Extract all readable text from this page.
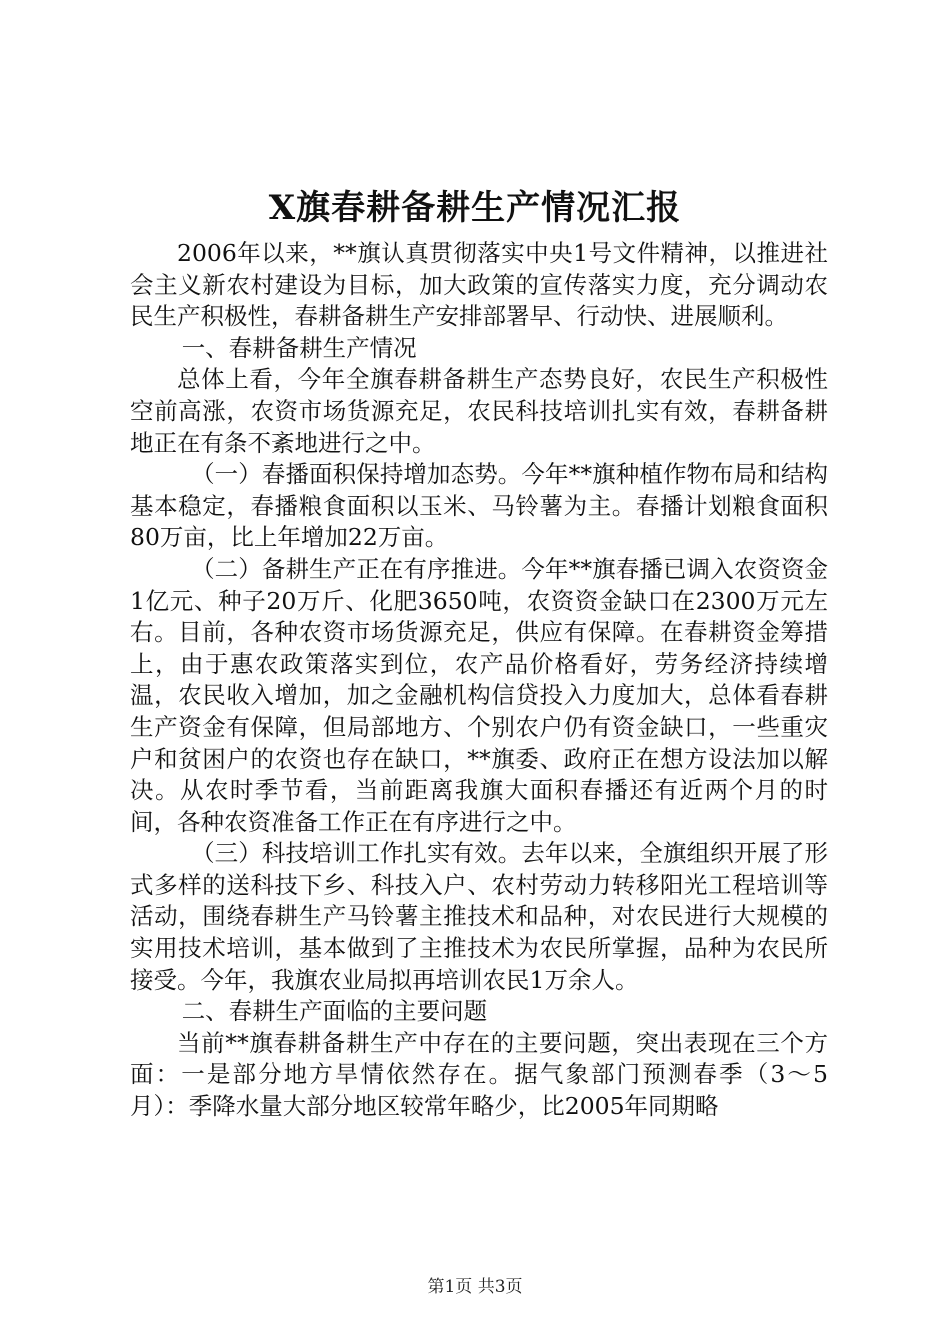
X旗春耕备耕生产情况汇报

2006年以来，**旗认真贯彻落实中央1号文件精神，以推进社会主义新农村建设为目标，加大政策的宣传落实力度，充分调动农民生产积极性，春耕备耕生产安排部署早、行动快、进展顺利。

一、春耕备耕生产情况

总体上看，今年全旗春耕备耕生产态势良好，农民生产积极性空前高涨，农资市场货源充足，农民科技培训扎实有效，春耕备耕地正在有条不紊地进行之中。

（一）春播面积保持增加态势。今年**旗种植作物布局和结构基本稳定，春播粮食面积以玉米、马铃薯为主。春播计划粮食面积80万亩，比上年增加22万亩。

（二）备耕生产正在有序推进。今年**旗春播已调入农资资金1亿元、种子20万斤、化肥3650吨，农资资金缺口在2300万元左右。目前，各种农资市场货源充足，供应有保障。在春耕资金筹措上，由于惠农政策落实到位，农产品价格看好，劳务经济持续增温，农民收入增加，加之金融机构信贷投入力度加大，总体看春耕生产资金有保障，但局部地方、个别农户仍有资金缺口，一些重灾户和贫困户的农资也存在缺口，**旗委、政府正在想方设法加以解决。从农时季节看，当前距离我旗大面积春播还有近两个月的时间，各种农资准备工作正在有序进行之中。

（三）科技培训工作扎实有效。去年以来，全旗组织开展了形式多样的送科技下乡、科技入户、农村劳动力转移阳光工程培训等活动，围绕春耕生产马铃薯主推技术和品种，对农民进行大规模的实用技术培训，基本做到了主推技术为农民所掌握，品种为农民所接受。今年，我旗农业局拟再培训农民1万余人。

二、春耕生产面临的主要问题

当前**旗春耕备耕生产中存在的主要问题，突出表现在三个方面：一是部分地方旱情依然存在。据气象部门预测春季（3～5月）：季降水量大部分地区较常年略少，比2005年同期略

第1页 共3页
